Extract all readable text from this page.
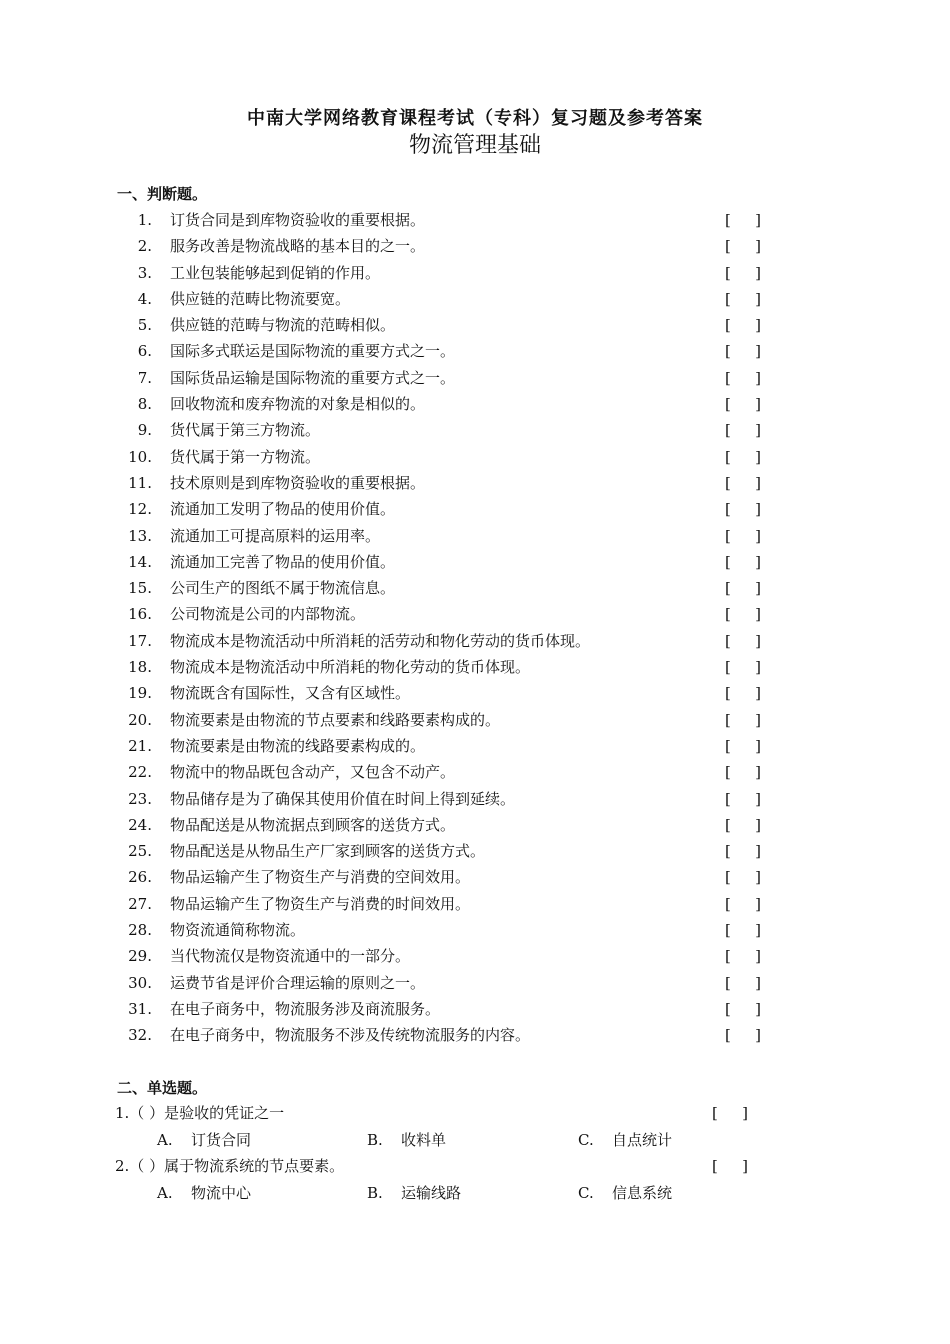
中南大学网络教育课程考试（专科）复习题及参考答案
物流管理基础
一、判断题。
1. 订货合同是到库物资验收的重要根据。	[ ]
2. 服务改善是物流战略的基本目的之一。	[ ]
3. 工业包装能够起到促销的作用。	[ ]
4. 供应链的范畴比物流要宽。	[ ]
5. 供应链的范畴与物流的范畴相似。	[ ]
6. 国际多式联运是国际物流的重要方式之一。	[ ]
7. 国际货品运输是国际物流的重要方式之一。	[ ]
8. 回收物流和废弃物流的对象是相似的。	[ ]
9. 货代属于第三方物流。	[ ]
10. 货代属于第一方物流。	[ ]
11. 技术原则是到库物资验收的重要根据。	[ ]
12. 流通加工发明了物品的使用价值。	[ ]
13. 流通加工可提高原料的运用率。	[ ]
14. 流通加工完善了物品的使用价值。	[ ]
15. 公司生产的图纸不属于物流信息。	[ ]
16. 公司物流是公司的内部物流。	[ ]
17. 物流成本是物流活动中所消耗的活劳动和物化劳动的货币体现。	[ ]
18. 物流成本是物流活动中所消耗的物化劳动的货币体现。	[ ]
19. 物流既含有国际性，又含有区域性。	[ ]
20. 物流要素是由物流的节点要素和线路要素构成的。	[ ]
21. 物流要素是由物流的线路要素构成的。	[ ]
22. 物流中的物品既包含动产，又包含不动产。	[ ]
23. 物品储存是为了确保其使用价值在时间上得到延续。	[ ]
24. 物品配送是从物流据点到顾客的送货方式。	[ ]
25. 物品配送是从物品生产厂家到顾客的送货方式。	[ ]
26. 物品运输产生了物资生产与消费的空间效用。	[ ]
27. 物品运输产生了物资生产与消费的时间效用。	[ ]
28. 物资流通简称物流。	[ ]
29. 当代物流仅是物资流通中的一部分。	[ ]
30. 运费节省是评价合理运输的原则之一。	[ ]
31. 在电子商务中，物流服务涉及商流服务。	[ ]
32. 在电子商务中，物流服务不涉及传统物流服务的内容。	[ ]
二、单选题。
1.（ ）是验收的凭证之一	[ ]
A. 订货合同	B. 收料单	C. 自点统计
2.（ ）属于物流系统的节点要素。	[ ]
A. 物流中心	B. 运输线路	C. 信息系统
